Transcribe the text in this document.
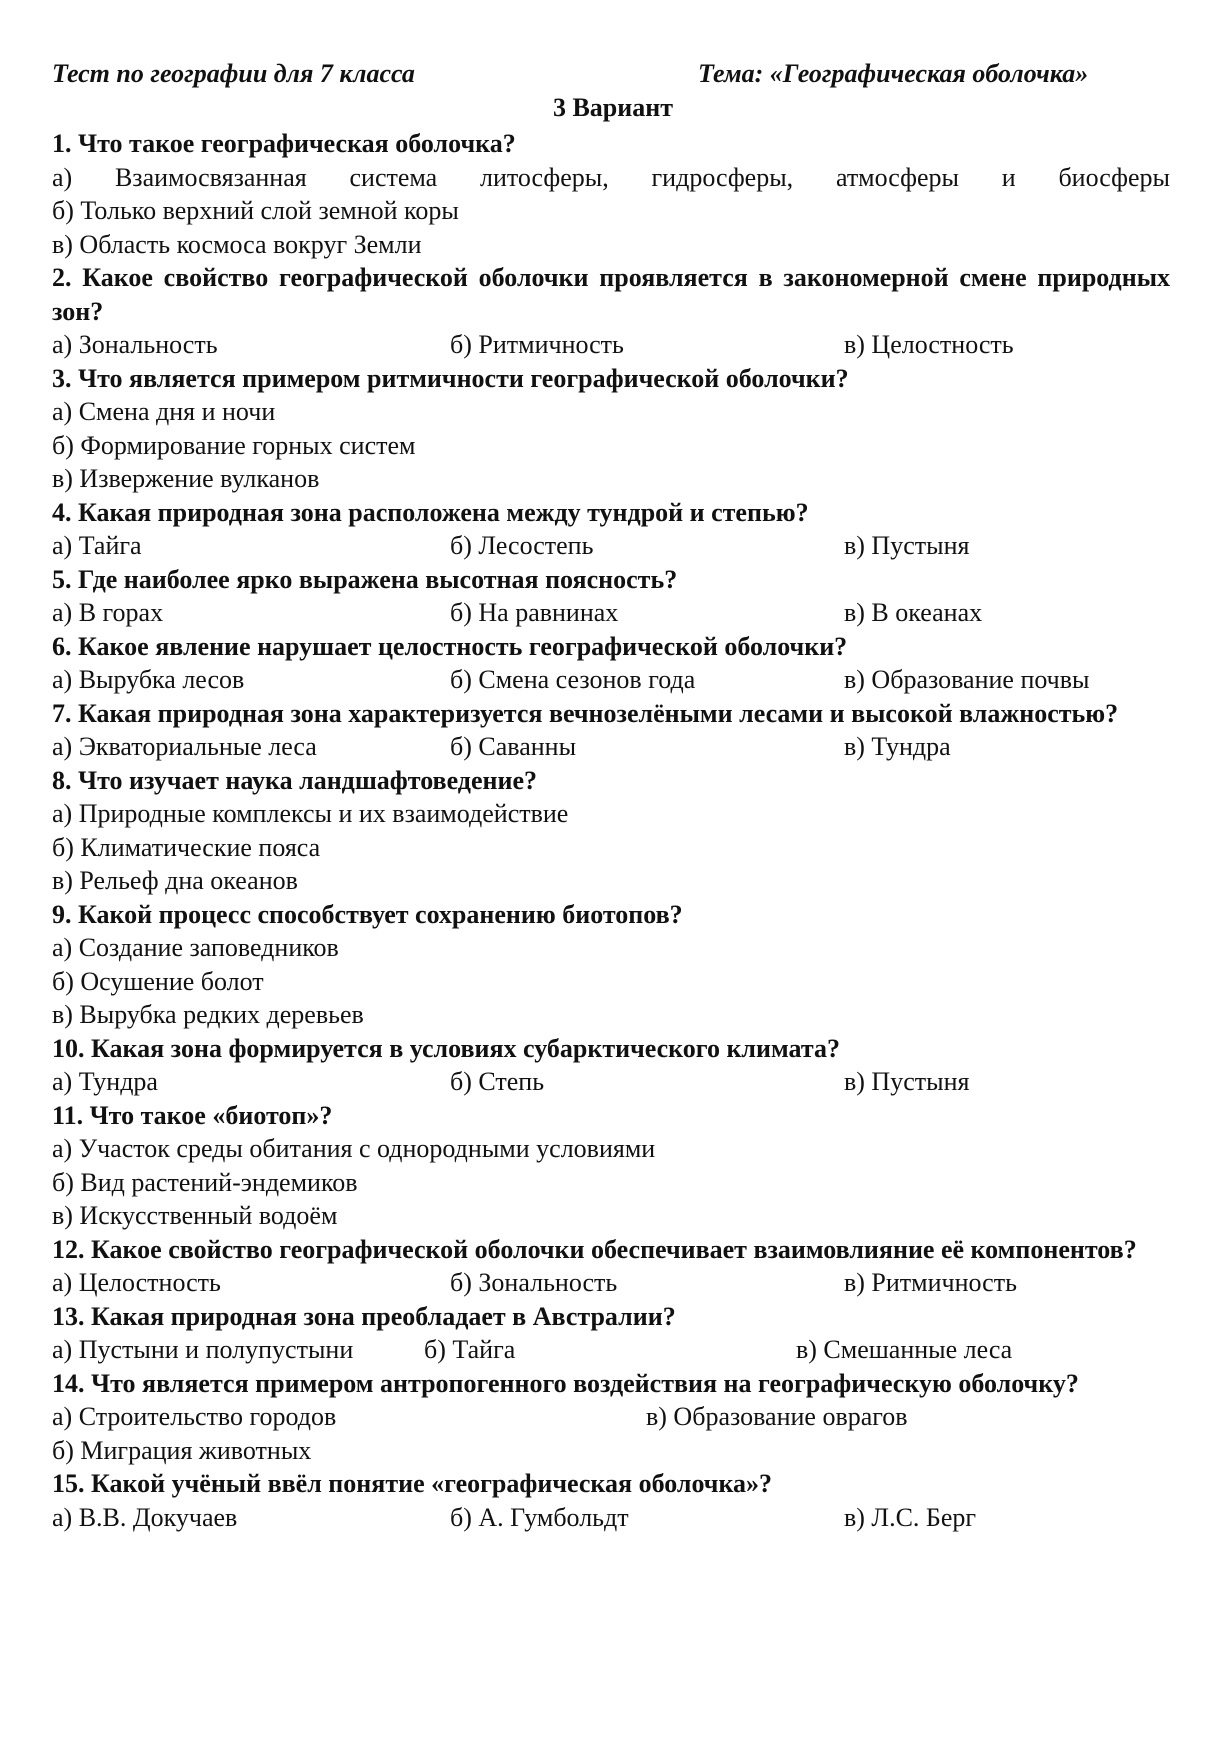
Тест по географии для 7 класса	Тема: «Географическая оболочка»
3 Вариант
1. Что такое географическая оболочка?
а) Взаимосвязанная система литосферы, гидросферы, атмосферы и биосферы
б) Только верхний слой земной коры
в) Область космоса вокруг Земли
2. Какое свойство географической оболочки проявляется в закономерной смене природных зон?
а) Зональность	б) Ритмичность	в) Целостность
3. Что является примером ритмичности географической оболочки?
а) Смена дня и ночи
б) Формирование горных систем
в) Извержение вулканов
4. Какая природная зона расположена между тундрой и степью?
а) Тайга	б) Лесостепь	в) Пустыня
5. Где наиболее ярко выражена высотная поясность?
а) В горах	б) На равнинах	в) В океанах
6. Какое явление нарушает целостность географической оболочки?
а) Вырубка лесов	б) Смена сезонов года	в) Образование почвы
7. Какая природная зона характеризуется вечнозелёными лесами и высокой влажностью?
а) Экваториальные леса	б) Саванны	в) Тундра
8. Что изучает наука ландшафтоведение?
а) Природные комплексы и их взаимодействие
б) Климатические пояса
в) Рельеф дна океанов
9. Какой процесс способствует сохранению биотопов?
а) Создание заповедников
б) Осушение болот
в) Вырубка редких деревьев
10. Какая зона формируется в условиях субарктического климата?
а) Тундра	б) Степь	в) Пустыня
11. Что такое «биотоп»?
а) Участок среды обитания с однородными условиями
б) Вид растений-эндемиков
в) Искусственный водоём
12. Какое свойство географической оболочки обеспечивает взаимовлияние её компонентов?
а) Целостность	б) Зональность	в) Ритмичность
13. Какая природная зона преобладает в Австралии?
а) Пустыни и полупустыни	б) Тайга	в) Смешанные леса
14. Что является примером антропогенного воздействия на географическую оболочку?
а) Строительство городов	в) Образование оврагов
б) Миграция животных
15. Какой учёный ввёл понятие «географическая оболочка»?
а) В.В. Докучаев	б) А. Гумбольдт	в) Л.С. Берг
